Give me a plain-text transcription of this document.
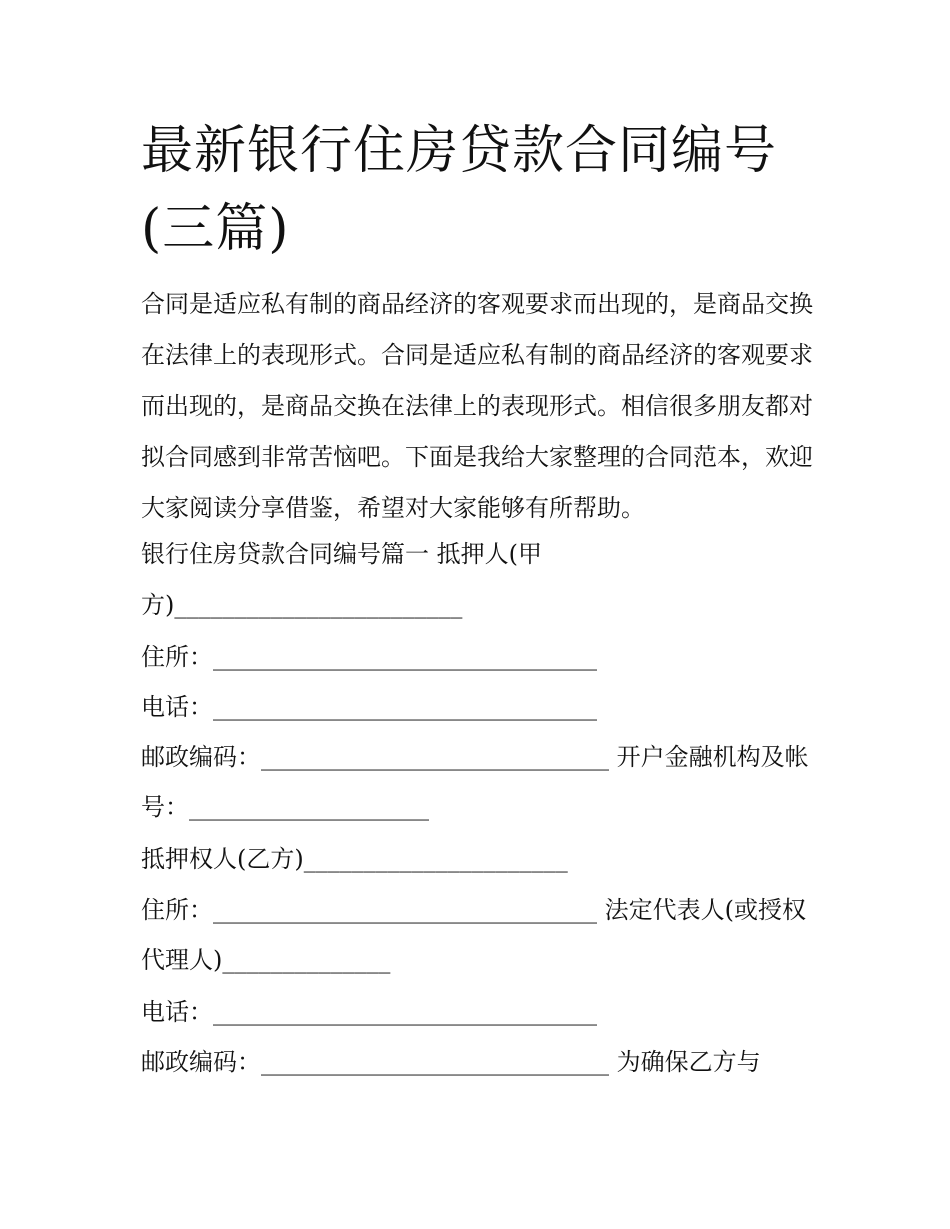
最新银行住房贷款合同编号(三篇)

合同是适应私有制的商品经济的客观要求而出现的，是商品交换在法律上的表现形式。合同是适应私有制的商品经济的客观要求而出现的，是商品交换在法律上的表现形式。相信很多朋友都对拟合同感到非常苦恼吧。下面是我给大家整理的合同范本，欢迎大家阅读分享借鉴，希望对大家能够有所帮助。

银行住房贷款合同编号篇一 抵押人(甲

方)________________________

住所：________________________________

电话：________________________________

邮政编码：_____________________________ 开户金融机构及帐

号：____________________

抵押权人(乙方)______________________

住所：________________________________ 法定代表人(或授权

代理人)______________

电话：________________________________

邮政编码：_____________________________ 为确保乙方与
